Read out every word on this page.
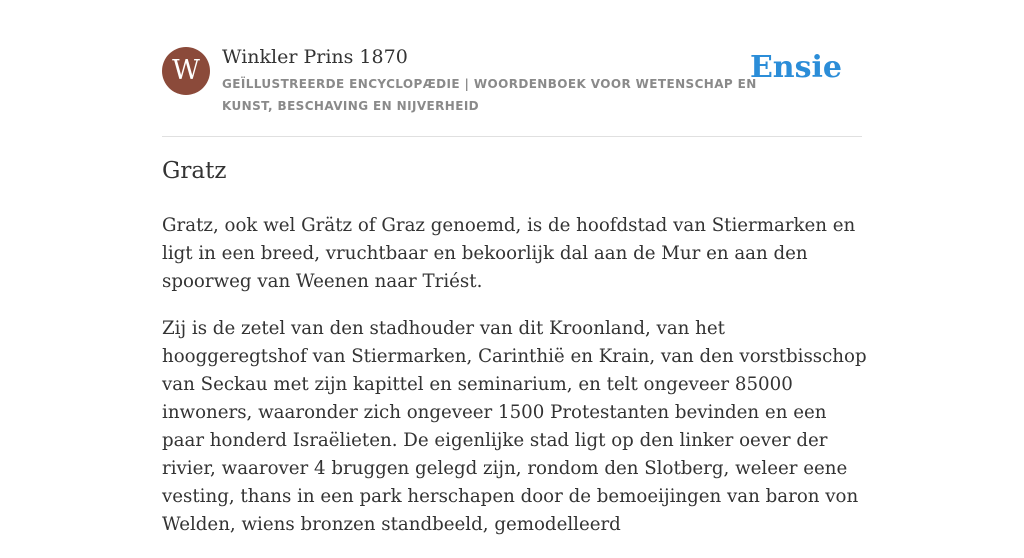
W	Winkler Prins 1870
GEÏLLUSTREERDE ENCYCLOPÆDIE | WOORDENBOEK VOOR WETENSCHAP EN KUNST, BESCHAVING EN NIJVERHEID
Ensie
Gratz

Gratz, ook wel Grätz of Graz genoemd, is de hoofdstad van Stiermarken en ligt in een breed, vruchtbaar en bekoorlijk dal aan de Mur en aan den spoorweg van Weenen naar Triést.

Zij is de zetel van den stadhouder van dit Kroonland, van het hooggeregtshof van Stiermarken, Carinthië en Krain, van den vorstbisschop van Seckau met zijn kapittel en seminarium, en telt ongeveer 85000 inwoners, waaronder zich ongeveer 1500 Protestanten bevinden en een paar honderd Israëlieten. De eigenlijke stad ligt op den linker oever der rivier, waarover 4 bruggen gelegd zijn, rondom den Slotberg, weleer eene vesting, thans in een park herschapen door de bemoeijingen van baron von Welden, wiens bronzen standbeeld, gemodelleerd
